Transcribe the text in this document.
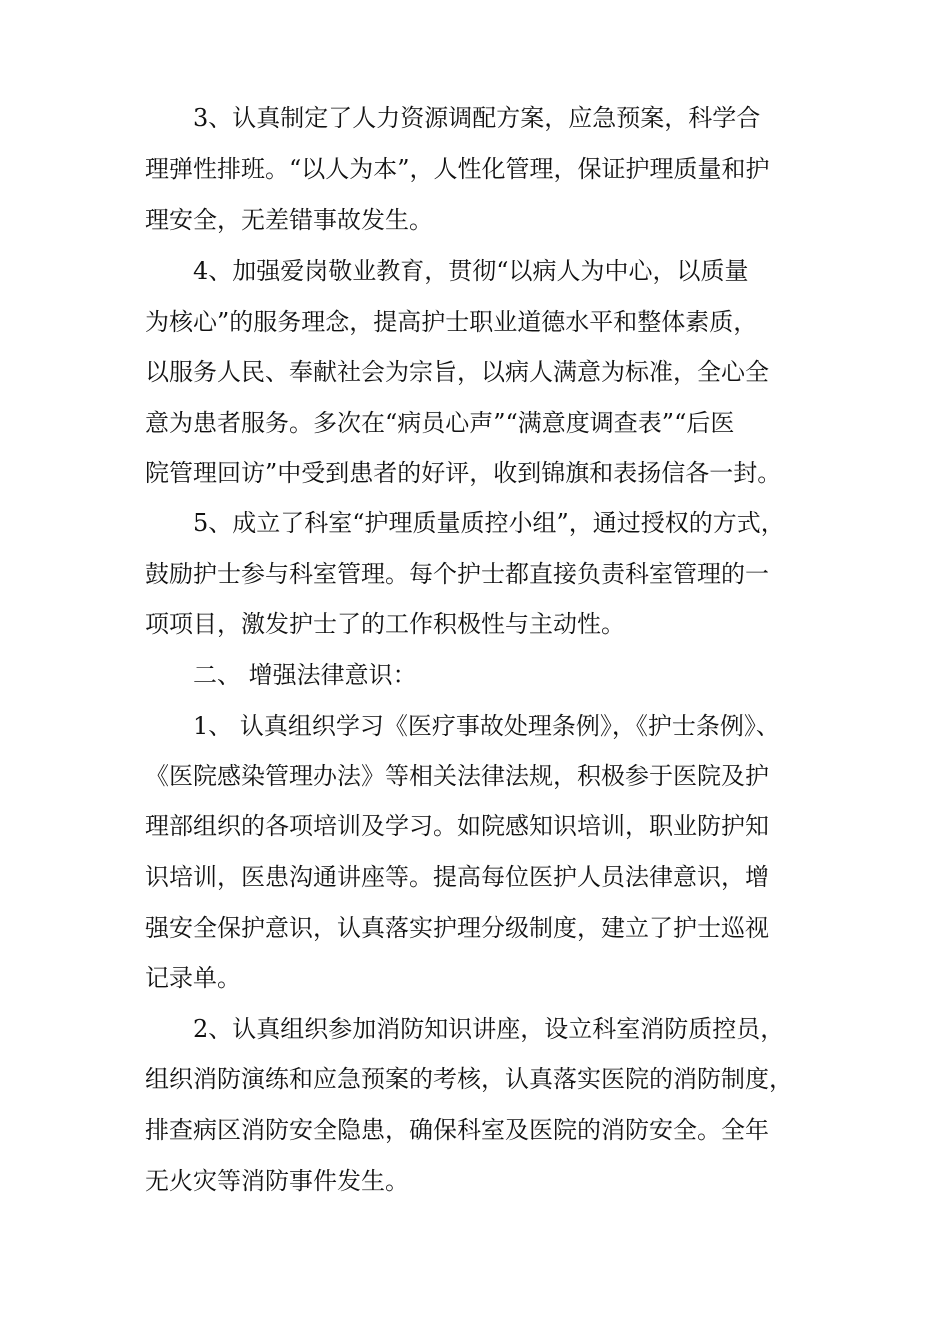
3、认真制定了人力资源调配方案，应急预案，科学合
理弹性排班。“以人为本”，人性化管理，保证护理质量和护
理安全，无差错事故发生。
4、加强爱岗敬业教育，贯彻“以病人为中心，以质量
为核心”的服务理念，提高护士职业道德水平和整体素质，
以服务人民、奉献社会为宗旨，以病人满意为标准，全心全
意为患者服务。多次在“病员心声”“满意度调查表”“后医
院管理回访”中受到患者的好评，收到锦旗和表扬信各一封。
5、成立了科室“护理质量质控小组”，通过授权的方式，
鼓励护士参与科室管理。每个护士都直接负责科室管理的一
项项目，激发护士了的工作积极性与主动性。
二、 增强法律意识：
1、 认真组织学习《医疗事故处理条例》，《护士条例》、
《医院感染管理办法》等相关法律法规，积极参于医院及护
理部组织的各项培训及学习。如院感知识培训，职业防护知
识培训，医患沟通讲座等。提高每位医护人员法律意识，增
强安全保护意识，认真落实护理分级制度，建立了护士巡视
记录单。
2、认真组织参加消防知识讲座，设立科室消防质控员，
组织消防演练和应急预案的考核，认真落实医院的消防制度，
排查病区消防安全隐患，确保科室及医院的消防安全。全年
无火灾等消防事件发生。
